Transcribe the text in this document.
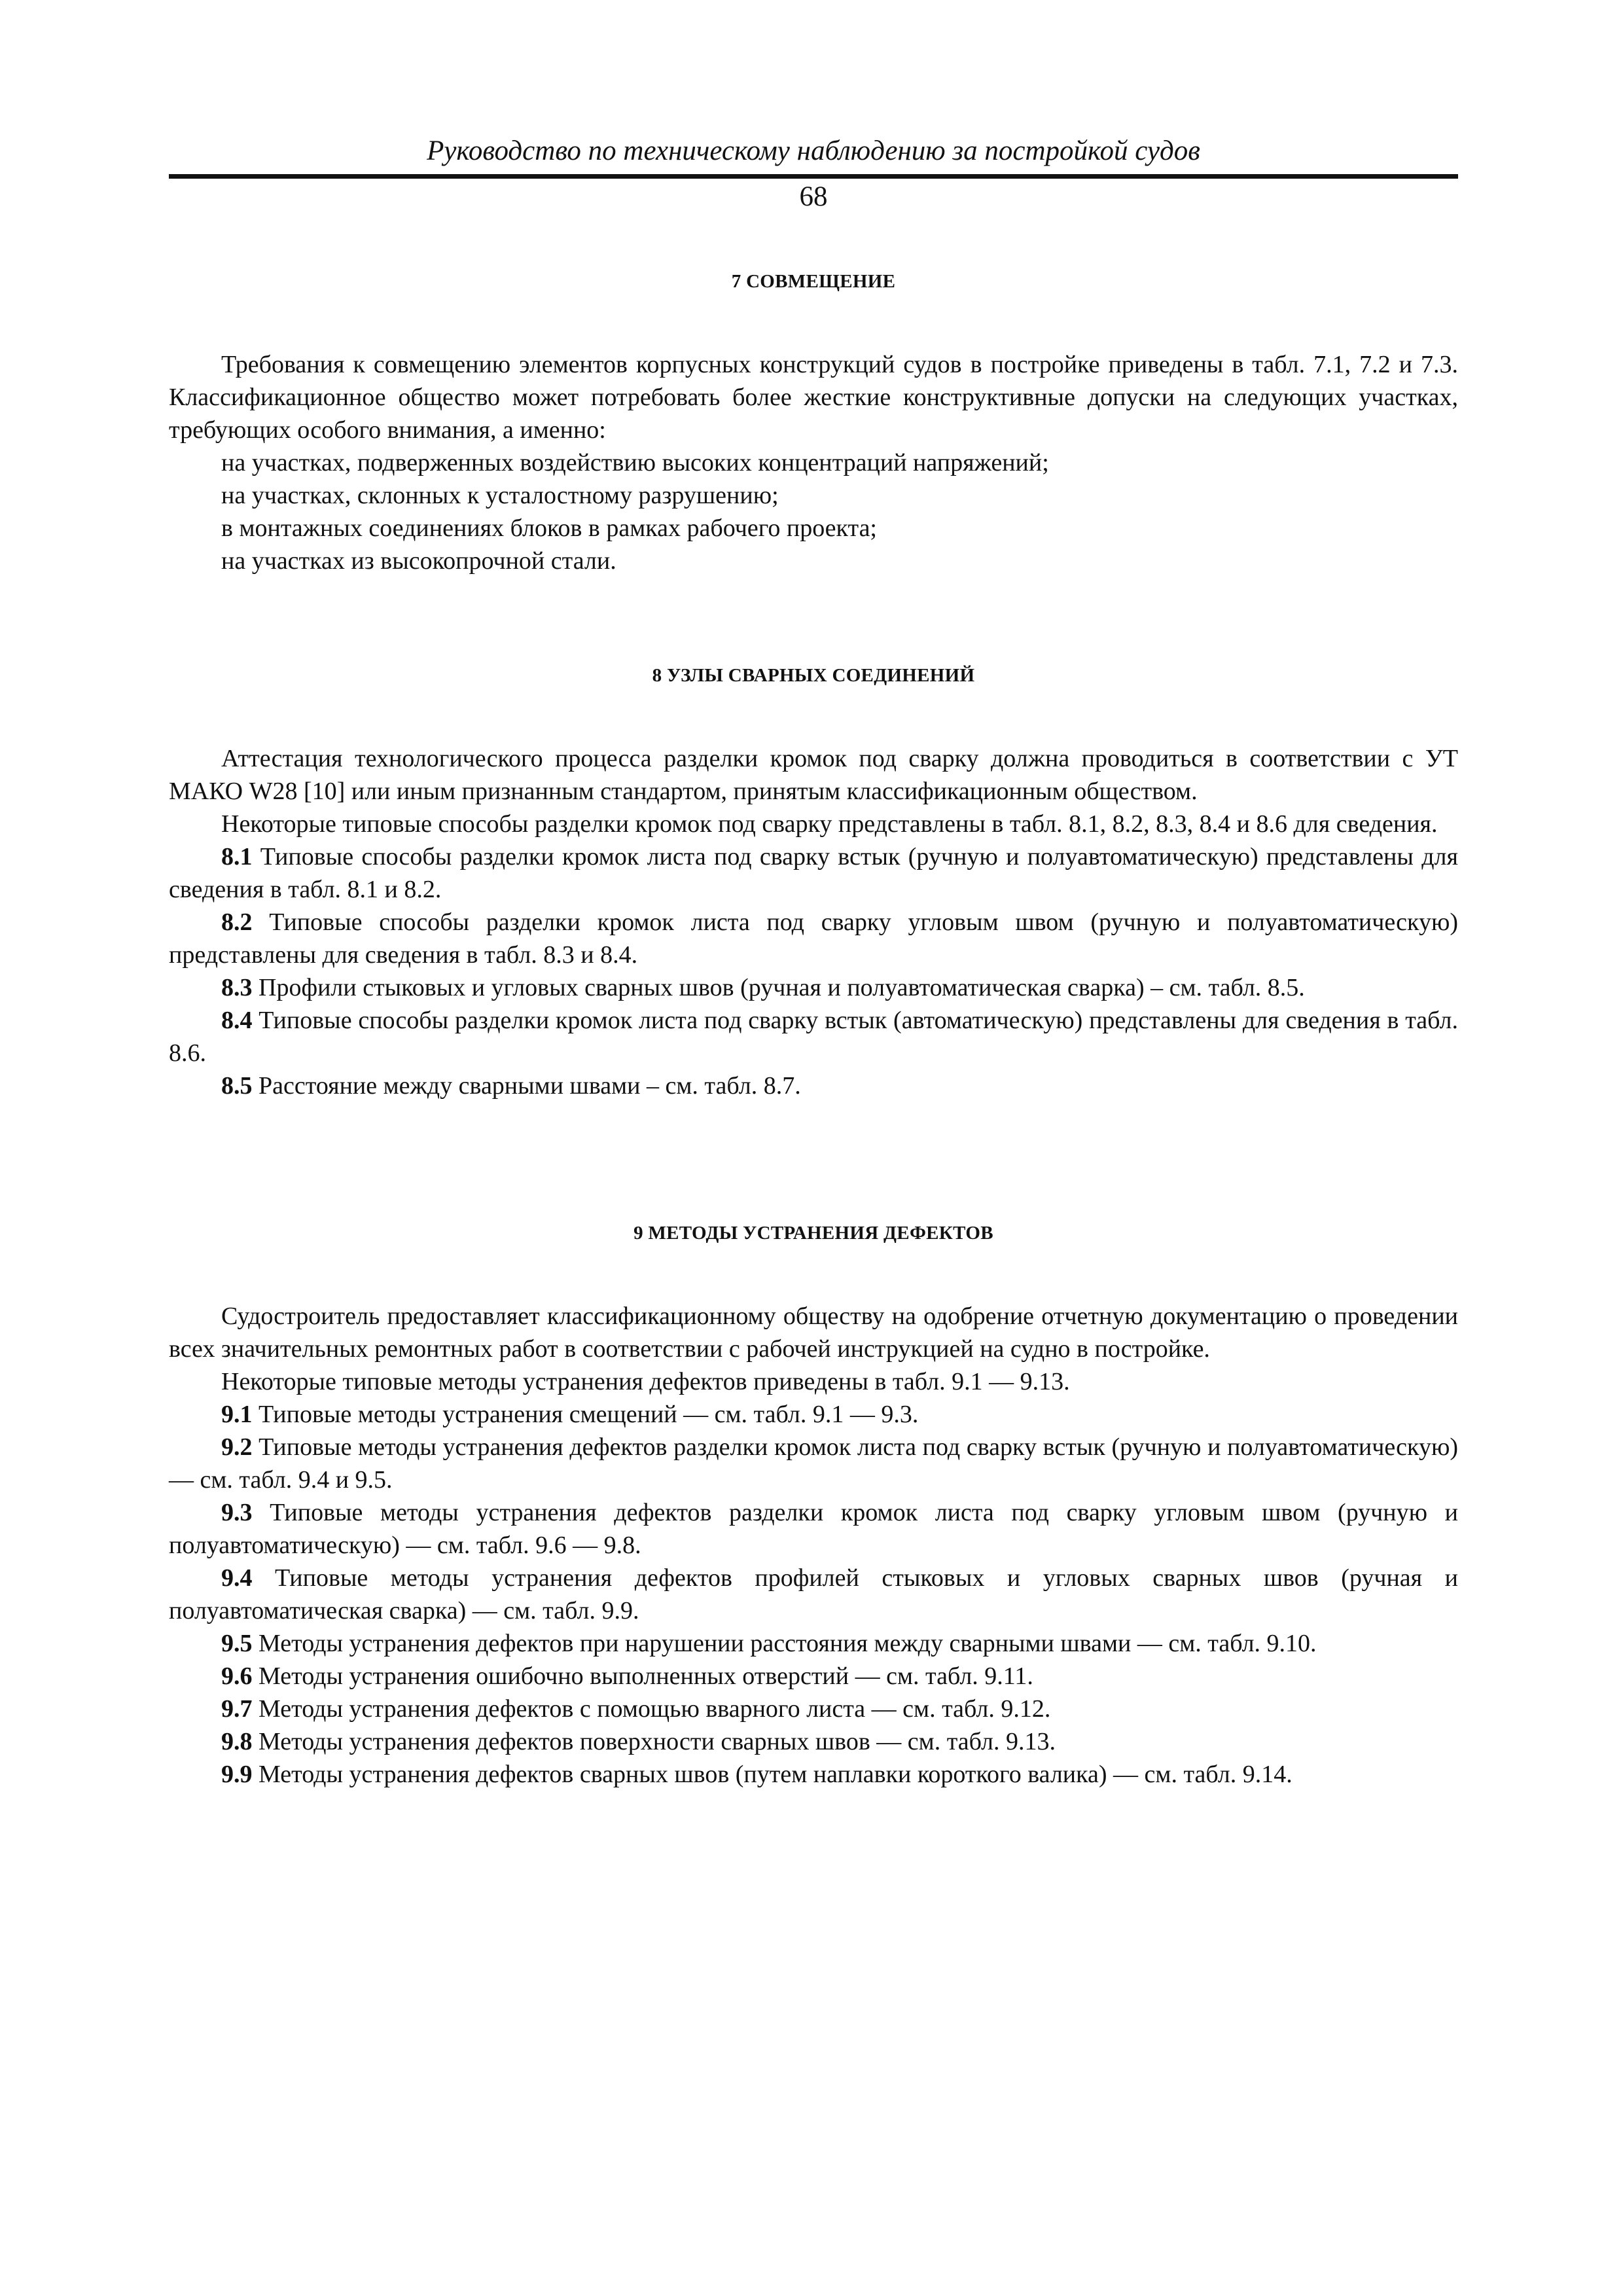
Руководство по техническому наблюдению за постройкой судов
68
7 СОВМЕЩЕНИЕ

Требования к совмещению элементов корпусных конструкций судов в постройке приведены в табл. 7.1, 7.2 и 7.3. Классификационное общество может потребовать более жесткие конструктивные допуски на следующих участках, требующих особого внимания, а именно:

на участках, подверженных воздействию высоких концентраций напряжений;

на участках, склонных к усталостному разрушению;

в монтажных соединениях блоков в рамках рабочего проекта;

на участках из высокопрочной стали.

8 УЗЛЫ СВАРНЫХ СОЕДИНЕНИЙ

Аттестация технологического процесса разделки кромок под сварку должна проводиться в соответствии с УТ МАКО W28 [10] или иным признанным стандартом, принятым классификационным обществом.

Некоторые типовые способы разделки кромок под сварку представлены в табл. 8.1, 8.2, 8.3, 8.4 и 8.6 для сведения.

8.1 Типовые способы разделки кромок листа под сварку встык (ручную и полуавтоматическую) представлены для сведения в табл. 8.1 и 8.2.

8.2 Типовые способы разделки кромок листа под сварку угловым швом (ручную и полуавтоматическую) представлены для сведения в табл. 8.3 и 8.4.

8.3 Профили стыковых и угловых сварных швов (ручная и полуавтоматическая сварка) – см. табл. 8.5.

8.4 Типовые способы разделки кромок листа под сварку встык (автоматическую) представлены для сведения в табл. 8.6.

8.5 Расстояние между сварными швами – см. табл. 8.7.

9 МЕТОДЫ УСТРАНЕНИЯ ДЕФЕКТОВ

Судостроитель предоставляет классификационному обществу на одобрение отчетную документацию о проведении всех значительных ремонтных работ в соответствии с рабочей инструкцией на судно в постройке.

Некоторые типовые методы устранения дефектов приведены в табл. 9.1 — 9.13.

9.1 Типовые методы устранения смещений — см. табл. 9.1 — 9.3.

9.2 Типовые методы устранения дефектов разделки кромок листа под сварку встык (ручную и полуавтоматическую) — см. табл. 9.4 и 9.5.

9.3 Типовые методы устранения дефектов разделки кромок листа под сварку угловым швом (ручную и полуавтоматическую) — см. табл. 9.6 — 9.8.

9.4 Типовые методы устранения дефектов профилей стыковых и угловых сварных швов (ручная и полуавтоматическая сварка) — см. табл. 9.9.

9.5 Методы устранения дефектов при нарушении расстояния между сварными швами — см. табл. 9.10.

9.6 Методы устранения ошибочно выполненных отверстий — см. табл. 9.11.

9.7 Методы устранения дефектов с помощью вварного листа — см. табл. 9.12.

9.8 Методы устранения дефектов поверхности сварных швов — см. табл. 9.13.

9.9 Методы устранения дефектов сварных швов (путем наплавки короткого валика) — см. табл. 9.14.
